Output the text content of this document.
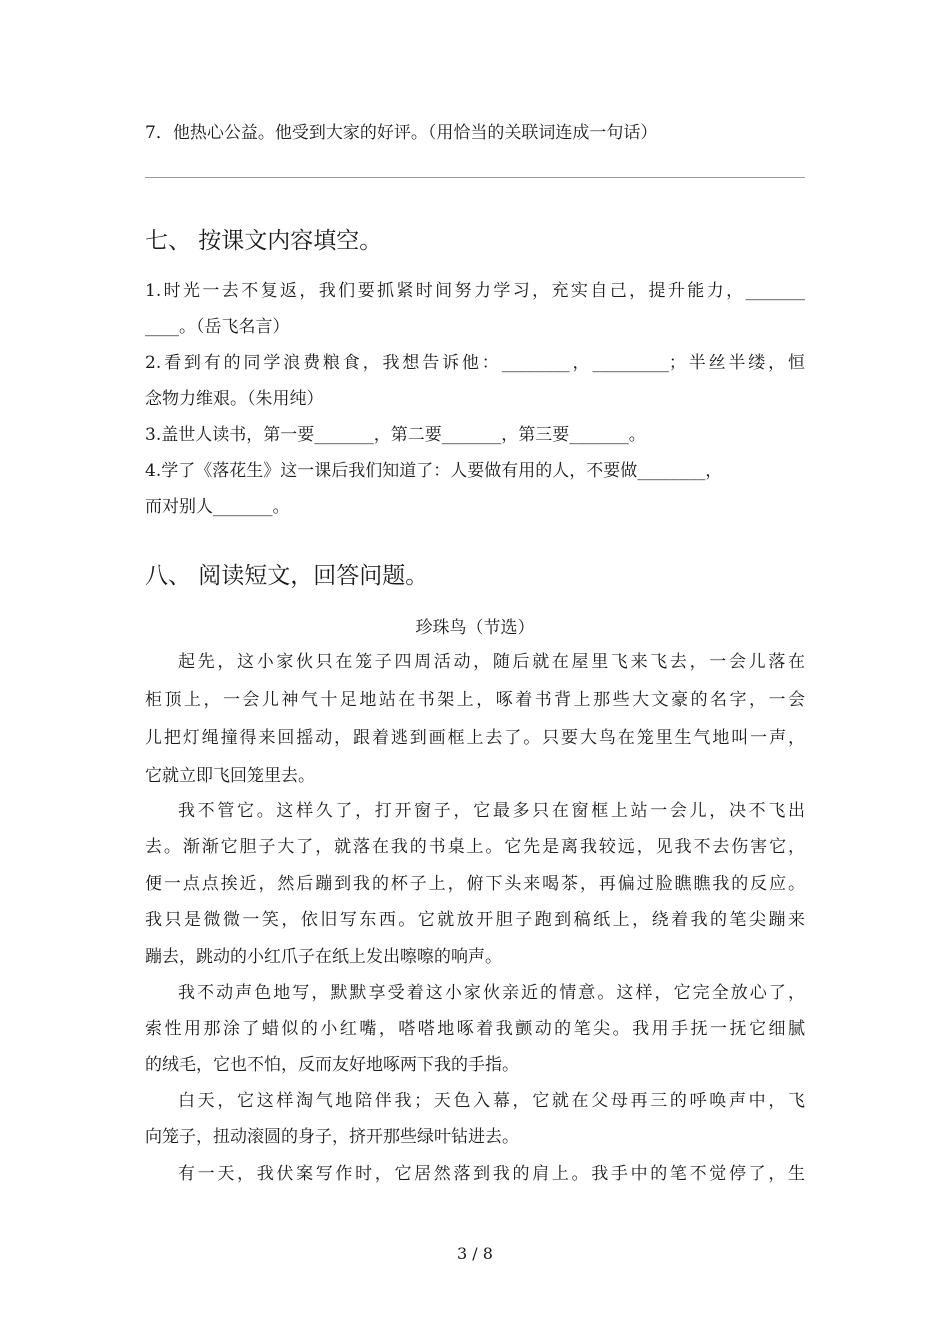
7．他热心公益。他受到大家的好评。（用恰当的关联词连成一句话）
七、 按课文内容填空。
1.时光一去不复返，我们要抓紧时间努力学习，充实自己，提升能力，_______
____。（岳飞名言）
2.看到有的同学浪费粮食，我想告诉他：________，_________；半丝半缕，恒
念物力维艰。（朱用纯）
3.盖世人读书，第一要_______，第二要_______，第三要_______。
4.学了《落花生》这一课后我们知道了：人要做有用的人，不要做________，
而对别人_______。
八、 阅读短文，回答问题。
珍珠鸟（节选）
起先，这小家伙只在笼子四周活动，随后就在屋里飞来飞去，一会儿落在
柜顶上，一会儿神气十足地站在书架上，啄着书背上那些大文豪的名字，一会
儿把灯绳撞得来回摇动，跟着逃到画框上去了。只要大鸟在笼里生气地叫一声，
它就立即飞回笼里去。
我不管它。这样久了，打开窗子，它最多只在窗框上站一会儿，决不飞出
去。渐渐它胆子大了，就落在我的书桌上。它先是离我较远，见我不去伤害它，
便一点点挨近，然后蹦到我的杯子上，俯下头来喝茶，再偏过脸瞧瞧我的反应。
我只是微微一笑，依旧写东西。它就放开胆子跑到稿纸上，绕着我的笔尖蹦来
蹦去，跳动的小红爪子在纸上发出嚓嚓的响声。
我不动声色地写，默默享受着这小家伙亲近的情意。这样，它完全放心了，
索性用那涂了蜡似的小红嘴，嗒嗒地啄着我颤动的笔尖。我用手抚一抚它细腻
的绒毛，它也不怕，反而友好地啄两下我的手指。
白天，它这样淘气地陪伴我；天色入幕，它就在父母再三的呼唤声中，飞
向笼子，扭动滚圆的身子，挤开那些绿叶钻进去。
有一天，我伏案写作时，它居然落到我的肩上。我手中的笔不觉停了，生
3 / 8
